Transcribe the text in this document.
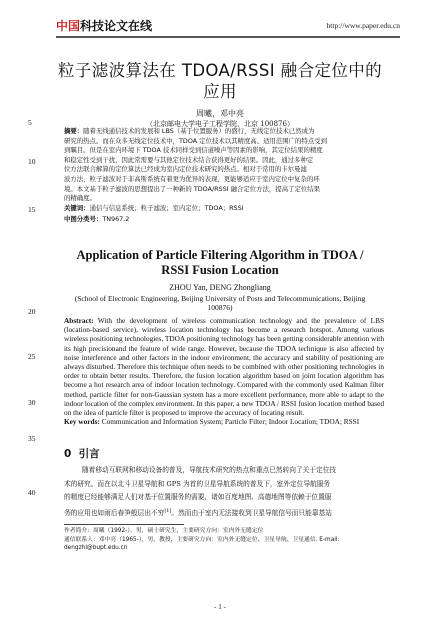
中国科技论文在线	http://www.paper.edu.cn
粒子滤波算法在 TDOA/RSSI 融合定位中的
应用
周曦，邓中亮
（北京邮电大学电子工程学院，北京 100876）
5
10
15
20
25
30
35
40
摘要：随着无线通信技术的发展和 LBS（基于位置服务）的盛行，无线定位技术已然成为
研究的热点。而在众多无线定位技术中，TDOA 定位技术以其精度高、适用范围广的特点受到
到瞩目。但是在室内环境下 TDOA 技术同样受到信道噪声等因素的影响，其定位结果的精度
和稳定性受到干扰，因此常需要与其他定位技术结合获得更好的结果。因此，通过多种定
位方法联合解算的定位算法已经成为室内定位技术研究的热点。相对于常用的卡尔曼滤
波方法，粒子滤波对于非高斯系统有着更为优异的表现，更能够适应于室内定位中复杂的环
境。本文基于粒子滤波的思想提出了一种新的 TDOA/RSSI 融合定位方法，提高了定位结果
的精确度。
关键词：通信与信息系统；粒子滤波；室内定位；TDOA；RSSI
中图分类号：TN967.2
Application of Particle Filtering Algorithm in TDOA /
RSSI Fusion Location
ZHOU Yan, DENG Zhongliang
(School of Electronic Engineering, Beijing University of Posts and Telecommunications, Beijing
100876)
Abstract: With the development of wireless communication technology and the prevalence of LBS (location-based service), wireless location technology has become a research hotspot. Among various wireless positioning technologies, TDOA positioning technology has been getting considerable attention with its high precisionand the feature of wide range. However, because the TDOA technique is also affected by noise interference and other factors in the indoor environment, the accuracy and stability of positioning are always disturbed. Therefore this technique often needs to be combined with other positioning technologies in order to obtain better results. Therefore, the fusion location algorithm based on joint location algorithm has become a hot research area of indoor location technology. Compared with the commonly used Kalman filter method, particle filter for non-Gaussian system has a more excellent performance, more able to adapt to the indoor location of the complex environment. In this paper, a new TDOA / RSSI fusion location method based on the idea of particle filter is proposed to improve the accuracy of locating result.
Key words: Communication and Information System; Particle Filter; Indoor Location; TDOA; RSSI
0 引言
随着移动互联网和移动设备的普及，导航技术研究的热点和重点已然转向了关于定位技
术的研究。而在以北斗卫星导航和 GPS 为首的卫星导航系统的普及下，室外定位导航服务
的精度已经能够满足人们对基于位置服务的需要，诸如百度地图、高德地图等依赖于位置服
务的应用也如雨后春笋般层出不穷[1]。然而由于室内无法接收到卫星导航信号而只能靠基站
作者简介：周曦（1992-），男，硕士研究生，主要研究方向：室内外无缝定位
通信联系人：邓中亮（1965-），男，教授，主要研究方向：室内外无缝定位、卫星导航、卫星通信. E-mail:
dengzhl@bupt.edu.cn
- 1 -
